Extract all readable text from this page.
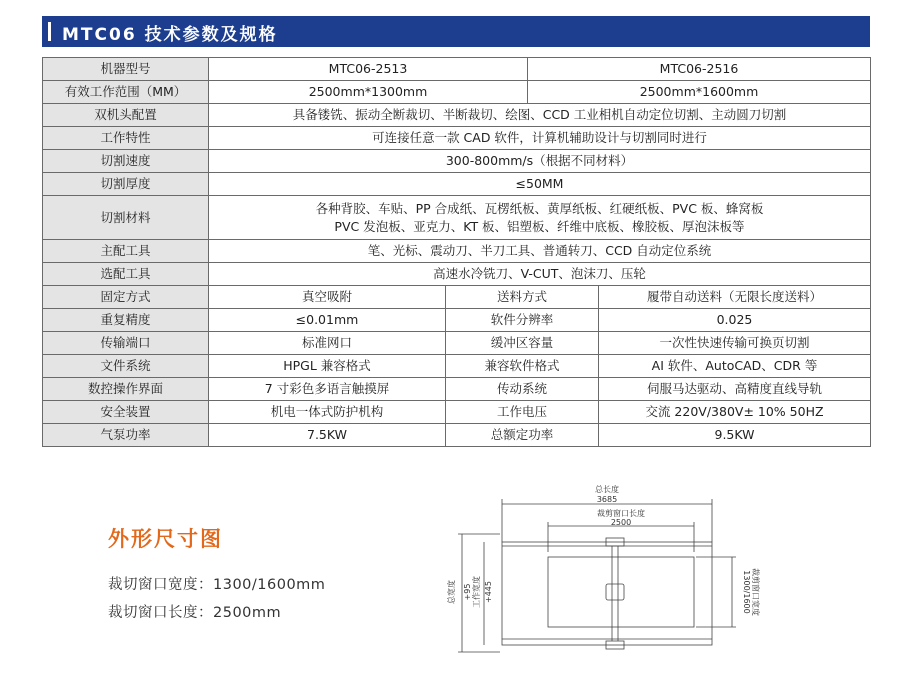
MTC06 技术参数及规格
机器型号	MTC06-2513		MTC06-2516	
有效工作范围（MM）	2500mm*1300mm		2500mm*1600mm	
双机头配置	具备镂铣、振动全断裁切、半断裁切、绘图、CCD 工业相机自动定位切割、主动圆刀切割			
工作特性	可连接任意一款 CAD 软件，计算机辅助设计与切割同时进行			
切割速度	300-800mm/s（根据不同材料）			
切割厚度	≤50MM			
切割材料	各种背胶、车贴、PP 合成纸、瓦楞纸板、黄厚纸板、红硬纸板、PVC 板、蜂窝板
PVC 发泡板、亚克力、KT 板、铝塑板、纤维中底板、橡胶板、厚泡沫板等			

主配工具	笔、光标、震动刀、半刀工具、普通转刀、CCD 自动定位系统			
选配工具	高速水冷铣刀、V-CUT、泡沫刀、压轮			
固定方式	真空吸附	送料方式		履带自动送料（无限长度送料）
重复精度	≤0.01mm	软件分辨率		0.025
传输端口	标准网口	缓冲区容量		一次性快速传输可换页切割
文件系统	HPGL 兼容格式	兼容软件格式		AI 软件、AutoCAD、CDR 等
数控操作界面	7 寸彩色多语言触摸屏	传动系统		伺服马达驱动、高精度直线导轨
安全装置	机电一体式防护机构	工作电压		交流 220V/380V± 10% 50HZ
气泵功率	7.5KW	总额定功率		9.5KW
外形尺寸图
裁切窗口宽度：1300/1600mm
裁切窗口长度：2500mm
总长度
3685
裁剪窗口长度
2500
总宽度 +95 工作宽度 +445	1300/1600 裁剪窗口宽度
